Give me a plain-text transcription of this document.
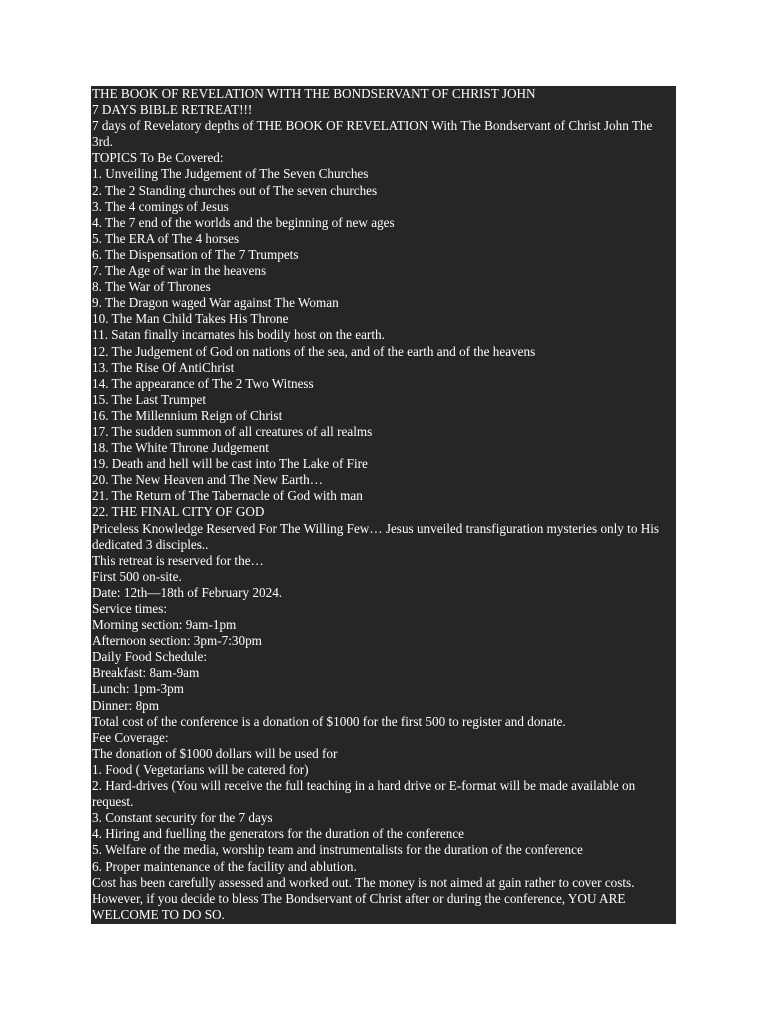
THE BOOK OF REVELATION WITH THE BONDSERVANT OF CHRIST JOHN
7 DAYS BIBLE RETREAT!!!
7 days of Revelatory depths of THE BOOK OF REVELATION With The Bondservant of Christ John The 3rd.
TOPICS To Be Covered:
1. Unveiling The Judgement of The Seven Churches
2. The 2 Standing churches out of The seven churches
3. The 4 comings of Jesus
4. The 7 end of the worlds and the beginning of new ages
5. The ERA of The 4 horses
6. The Dispensation of The 7 Trumpets
7. The Age of war in the heavens
8. The War of Thrones
9. The Dragon waged War against The Woman
10. The Man Child Takes His Throne
11. Satan finally incarnates his bodily host on the earth.
12. The Judgement of God on nations of the sea, and of the earth and of the heavens
13. The Rise Of AntiChrist
14. The appearance of The 2 Two Witness
15. The Last Trumpet
16. The Millennium Reign of Christ
17. The sudden summon of all creatures of all realms
18. The White Throne Judgement
19. Death and hell will be cast into The Lake of Fire
20. The New Heaven and The New Earth…
21. The Return of The Tabernacle of God with man
22. THE FINAL CITY OF GOD
Priceless Knowledge Reserved For The Willing Few… Jesus unveiled transfiguration mysteries only to His dedicated 3 disciples..
This retreat is reserved for the…
First 500 on-site.
Date: 12th—18th of February 2024.
Service times:
Morning section: 9am-1pm
Afternoon section: 3pm-7:30pm
Daily Food Schedule:
Breakfast: 8am-9am
Lunch: 1pm-3pm
Dinner: 8pm
Total cost of the conference is a donation of $1000 for the first 500 to register and donate.
Fee Coverage:
The donation of $1000 dollars will be used for
1. Food ( Vegetarians will be catered for)
2. Hard-drives (You will receive the full teaching in a hard drive or E-format will be made available on request.
3. Constant security for the 7 days
4. Hiring and fuelling the generators for the duration of the conference
5. Welfare of the media, worship team and instrumentalists for the duration of the conference
6. Proper maintenance of the facility and ablution.
Cost has been carefully assessed and worked out. The money is not aimed at gain rather to cover costs. However, if you decide to bless The Bondservant of Christ after or during the conference, YOU ARE WELCOME TO DO SO.
